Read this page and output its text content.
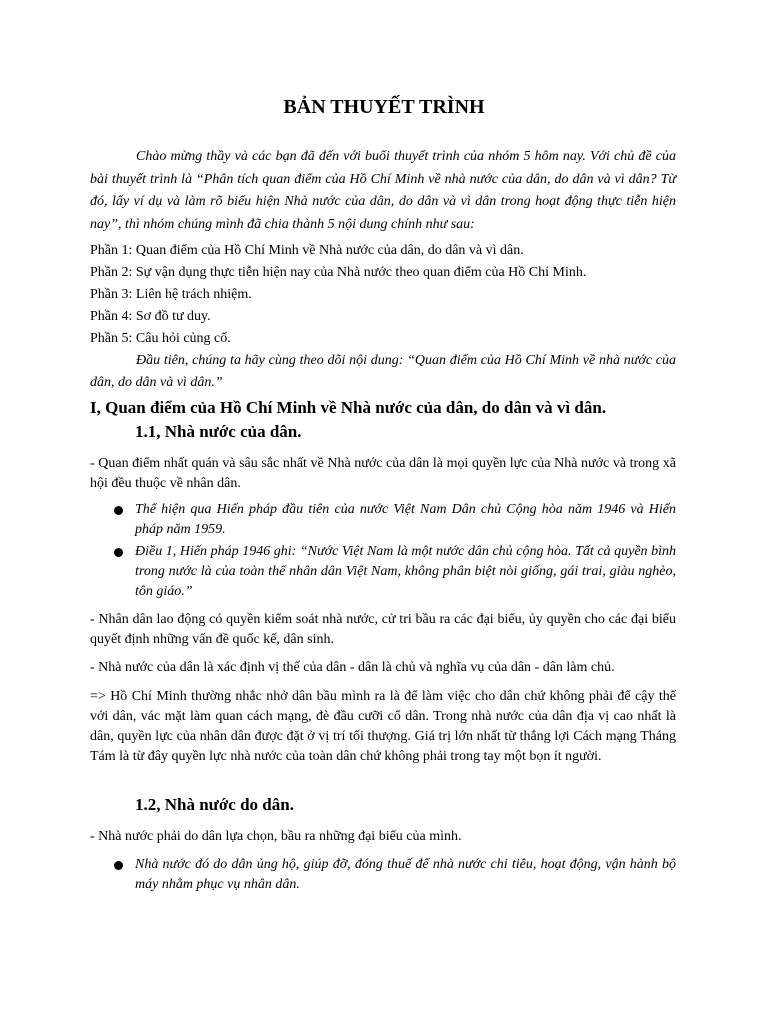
BẢN THUYẾT TRÌNH

Chào mừng thầy và các bạn đã đến với buổi thuyết trình của nhóm 5 hôm nay. Với chủ đề của bài thuyết trình là “Phân tích quan điểm của Hồ Chí Minh về nhà nước của dân, do dân và vì dân? Từ đó, lấy ví dụ và làm rõ biểu hiện Nhà nước của dân, do dân và vì dân trong hoạt động thực tiễn hiện nay”, thì nhóm chúng mình đã chia thành 5 nội dung chính như sau:

Phần 1: Quan điểm của Hồ Chí Minh về Nhà nước của dân, do dân và vì dân.
Phần 2: Sự vận dụng thực tiễn hiện nay của Nhà nước theo quan điểm của Hồ Chí Minh.
Phần 3: Liên hệ trách nhiệm.
Phần 4: Sơ đồ tư duy.
Phần 5: Câu hỏi củng cố.

Đầu tiên, chúng ta hãy cùng theo dõi nội dung: “Quan điểm của Hồ Chí Minh về nhà nước của dân, do dân và vì dân.”

I, Quan điểm của Hồ Chí Minh về Nhà nước của dân, do dân và vì dân.
1.1, Nhà nước của dân.

- Quan điểm nhất quán và sâu sắc nhất về Nhà nước của dân là mọi quyền lực của Nhà nước và trong xã hội đều thuộc về nhân dân.

Thể hiện qua Hiến pháp đầu tiên của nước Việt Nam Dân chủ Cộng hòa năm 1946 và Hiến pháp năm 1959.
Điều 1, Hiến pháp 1946 ghi: “Nước Việt Nam là một nước dân chủ cộng hòa. Tất cả quyền bình trong nước là của toàn thể nhân dân Việt Nam, không phân biệt nòi giống, gái trai, giàu nghèo, tôn giáo.”

- Nhân dân lao động có quyền kiểm soát nhà nước, cử tri bầu ra các đại biểu, ủy quyền cho các đại biểu quyết định những vấn đề quốc kế, dân sinh.

- Nhà nước của dân là xác định vị thế của dân - dân là chủ và nghĩa vụ của dân - dân làm chủ.

=> Hồ Chí Minh thường nhắc nhở dân bầu mình ra là để làm việc cho dân chứ không phải để cậy thế với dân, vác mặt làm quan cách mạng, đè đầu cưỡi cổ dân. Trong nhà nước của dân địa vị cao nhất là dân, quyền lực của nhân dân được đặt ở vị trí tối thượng. Giá trị lớn nhất từ thắng lợi Cách mạng Tháng Tám là từ đây quyền lực nhà nước của toàn dân chứ không phải trong tay một bọn ít người.

1.2, Nhà nước do dân.

- Nhà nước phải do dân lựa chọn, bầu ra những đại biểu của mình.

Nhà nước đó do dân ủng hộ, giúp đỡ, đóng thuế để nhà nước chi tiêu, hoạt động, vận hành bộ máy nhằm phục vụ nhân dân.
